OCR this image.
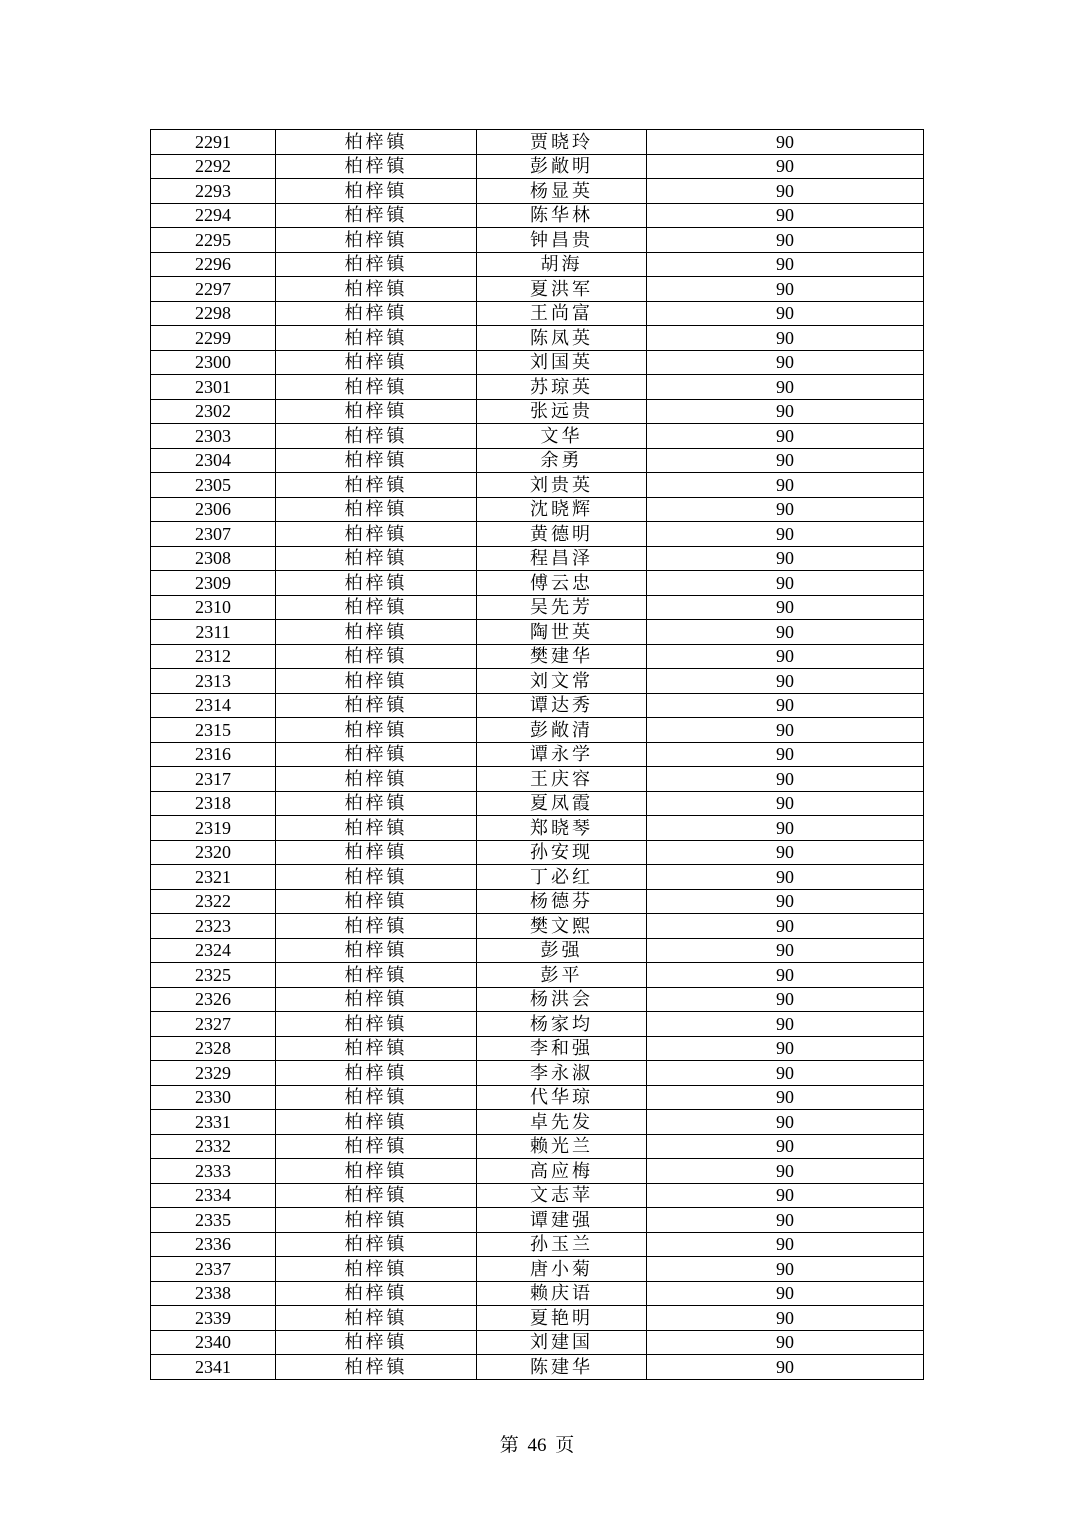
2291	柏梓镇	贾晓玲	90
2292	柏梓镇	彭敞明	90
2293	柏梓镇	杨显英	90
2294	柏梓镇	陈华林	90
2295	柏梓镇	钟昌贵	90
2296	柏梓镇	胡海	90
2297	柏梓镇	夏洪军	90
2298	柏梓镇	王尚富	90
2299	柏梓镇	陈凤英	90
2300	柏梓镇	刘国英	90
2301	柏梓镇	苏琼英	90
2302	柏梓镇	张远贵	90
2303	柏梓镇	文华	90
2304	柏梓镇	余勇	90
2305	柏梓镇	刘贵英	90
2306	柏梓镇	沈晓辉	90
2307	柏梓镇	黄德明	90
2308	柏梓镇	程昌泽	90
2309	柏梓镇	傅云忠	90
2310	柏梓镇	吴先芳	90
2311	柏梓镇	陶世英	90
2312	柏梓镇	樊建华	90
2313	柏梓镇	刘文常	90
2314	柏梓镇	谭达秀	90
2315	柏梓镇	彭敞清	90
2316	柏梓镇	谭永学	90
2317	柏梓镇	王庆容	90
2318	柏梓镇	夏凤霞	90
2319	柏梓镇	郑晓琴	90
2320	柏梓镇	孙安现	90
2321	柏梓镇	丁必红	90
2322	柏梓镇	杨德芬	90
2323	柏梓镇	樊文熙	90
2324	柏梓镇	彭强	90
2325	柏梓镇	彭平	90
2326	柏梓镇	杨洪会	90
2327	柏梓镇	杨家均	90
2328	柏梓镇	李和强	90
2329	柏梓镇	李永淑	90
2330	柏梓镇	代华琼	90
2331	柏梓镇	卓先发	90
2332	柏梓镇	赖光兰	90
2333	柏梓镇	高应梅	90
2334	柏梓镇	文志苹	90
2335	柏梓镇	谭建强	90
2336	柏梓镇	孙玉兰	90
2337	柏梓镇	唐小菊	90
2338	柏梓镇	赖庆语	90
2339	柏梓镇	夏艳明	90
2340	柏梓镇	刘建国	90
2341	柏梓镇	陈建华	90
第 46 页
